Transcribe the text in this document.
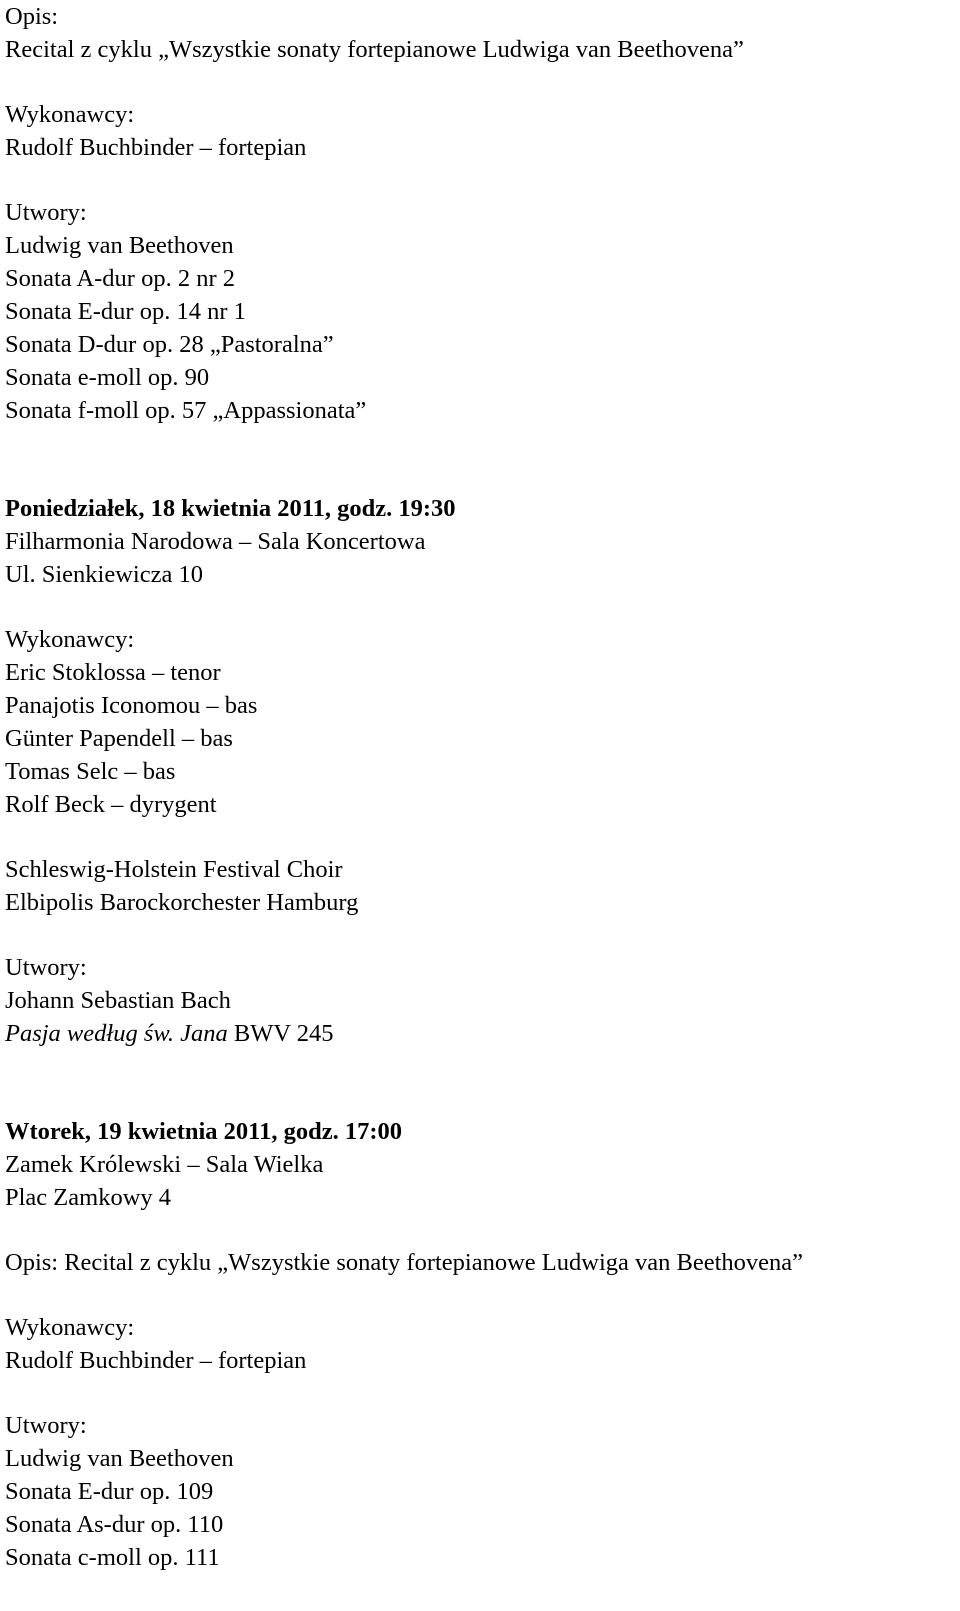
Opis:
Recital z cyklu „Wszystkie sonaty fortepianowe Ludwiga van Beethovena”
Wykonawcy:
Rudolf Buchbinder – fortepian
Utwory:
Ludwig van Beethoven
Sonata A-dur op. 2 nr 2
Sonata E-dur op. 14 nr 1
Sonata D-dur op. 28 „Pastoralna”
Sonata e-moll op. 90
Sonata f-moll op. 57 „Appassionata”
Poniedziałek, 18 kwietnia 2011, godz. 19:30
Filharmonia Narodowa – Sala Koncertowa
Ul. Sienkiewicza 10
Wykonawcy:
Eric Stoklossa – tenor
Panajotis Iconomou – bas
Günter Papendell – bas
Tomas Selc – bas
Rolf Beck – dyrygent
Schleswig-Holstein Festival Choir
Elbipolis Barockorchester Hamburg
Utwory:
Johann Sebastian Bach
Pasja według św. Jana BWV 245
Wtorek, 19 kwietnia 2011, godz. 17:00
Zamek Królewski – Sala Wielka
Plac Zamkowy 4
Opis: Recital z cyklu „Wszystkie sonaty fortepianowe Ludwiga van Beethovena”
Wykonawcy:
Rudolf Buchbinder – fortepian
Utwory:
Ludwig van Beethoven
Sonata E-dur op. 109
Sonata As-dur op. 110
Sonata c-moll op. 111
